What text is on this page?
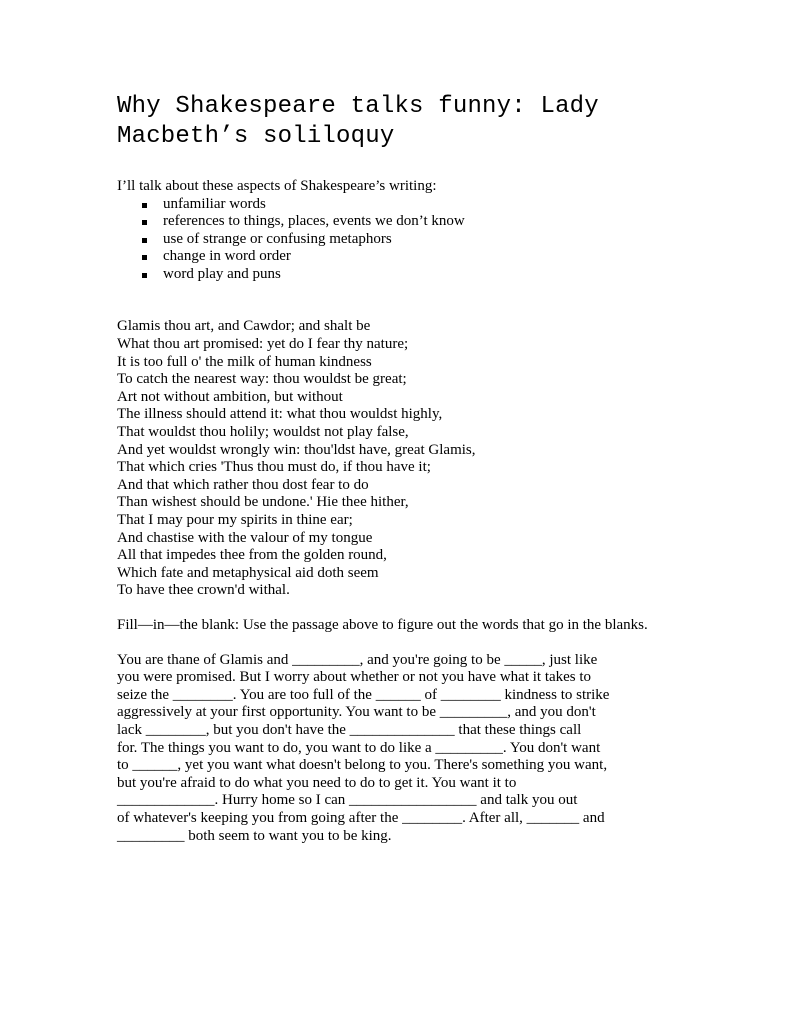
Why Shakespeare talks funny: Lady
Macbeth’s soliloquy
I’ll talk about these aspects of Shakespeare’s writing:
unfamiliar words
references to things, places, events we don’t know
use of strange or confusing metaphors
change in word order
word play and puns
Glamis thou art, and Cawdor; and shalt be
What thou art promised: yet do I fear thy nature;
It is too full o' the milk of human kindness
To catch the nearest way: thou wouldst be great;
Art not without ambition, but without
The illness should attend it: what thou wouldst highly,
That wouldst thou holily; wouldst not play false,
And yet wouldst wrongly win: thou'ldst have, great Glamis,
That which cries 'Thus thou must do, if thou have it;
And that which rather thou dost fear to do
Than wishest should be undone.' Hie thee hither,
That I may pour my spirits in thine ear;
And chastise with the valour of my tongue
All that impedes thee from the golden round,
Which fate and metaphysical aid doth seem
To have thee crown'd withal.
Fill—in—the blank: Use the passage above to figure out the words that go in the blanks.
You are thane of Glamis and _________, and you're going to be _____, just like
you were promised. But I worry about whether or not you have what it takes to
seize the ________. You are too full of the ______ of ________ kindness to strike
aggressively at your first opportunity. You want to be _________, and you don't
lack ________, but you don't have the ______________ that these things call
for. The things you want to do, you want to do like a _________. You don't want
to ______, yet you want what doesn't belong to you. There's something you want,
but you're afraid to do what you need to do to get it. You want it to
_____________. Hurry home so I can _________________ and talk you out
of whatever's keeping you from going after the ________. After all, _______ and
_________ both seem to want you to be king.
